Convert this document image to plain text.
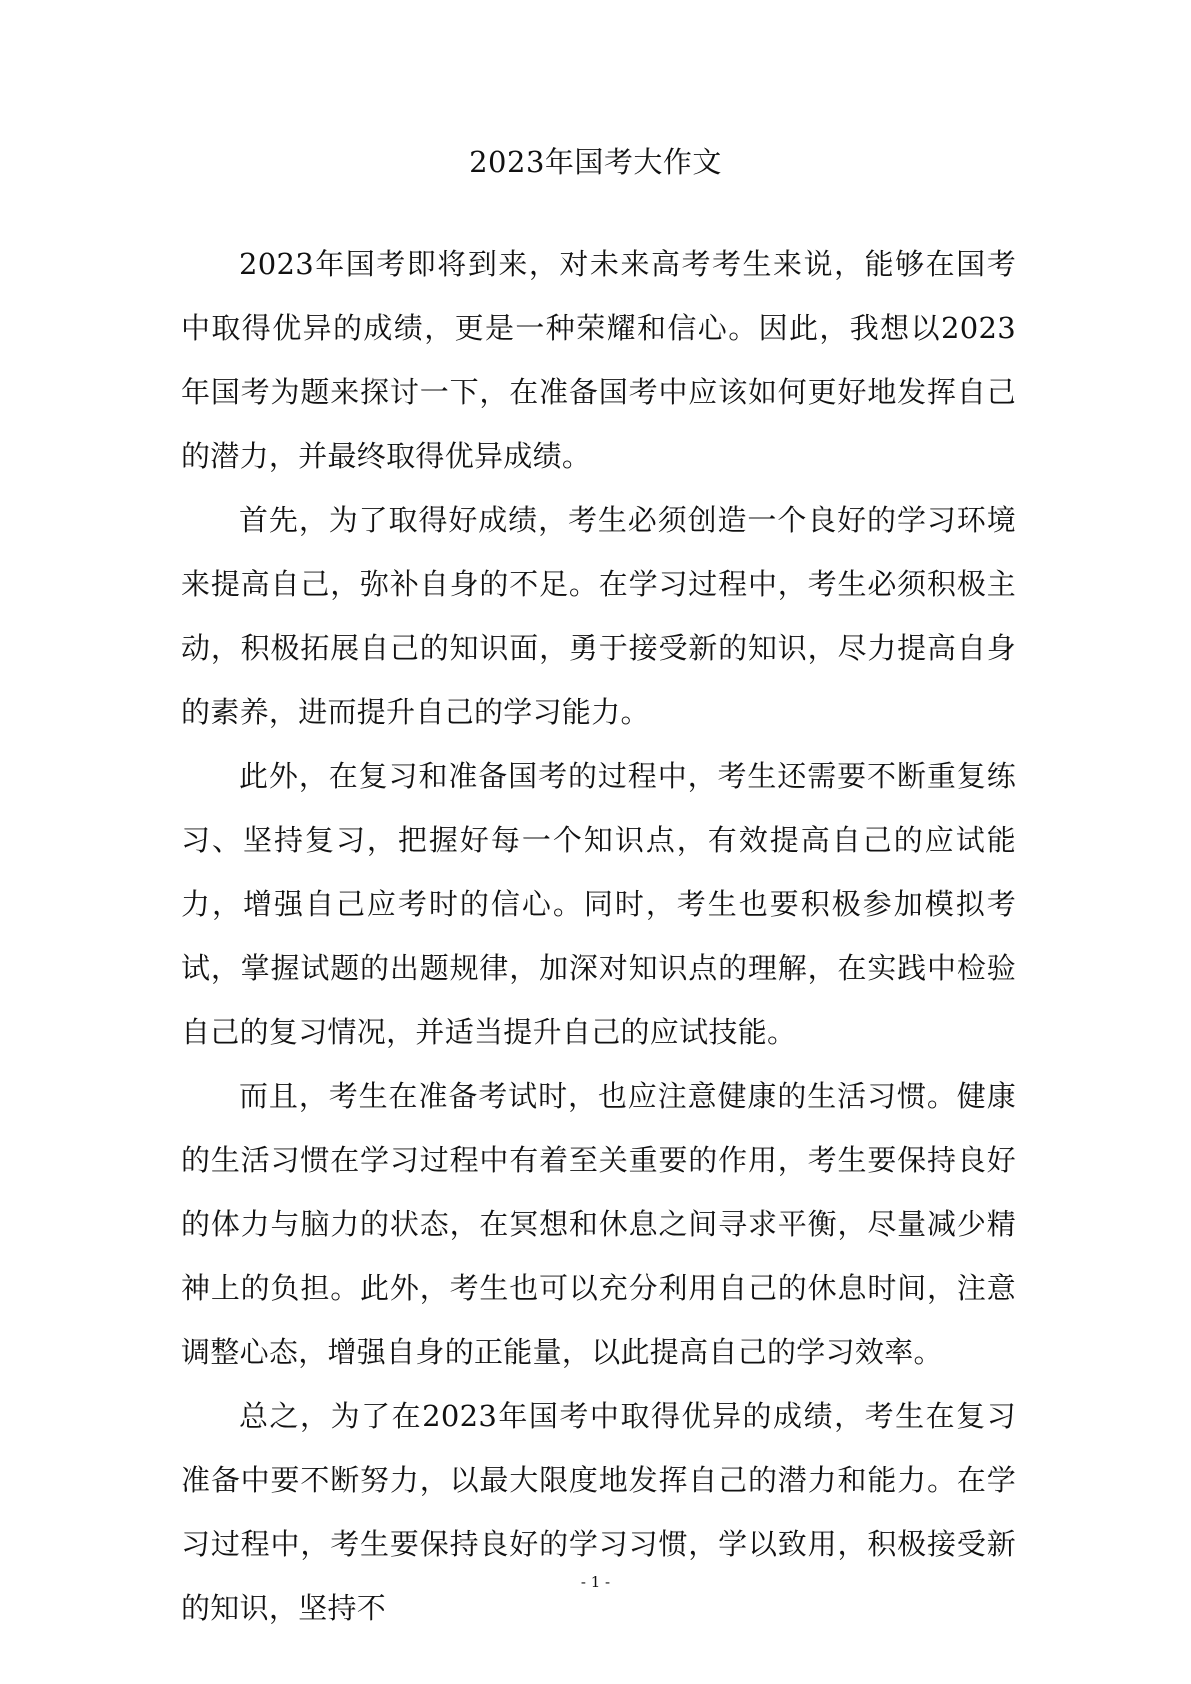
2023年国考大作文

2023年国考即将到来，对未来高考考生来说，能够在国考中取得优异的成绩，更是一种荣耀和信心。因此，我想以2023年国考为题来探讨一下，在准备国考中应该如何更好地发挥自己的潜力，并最终取得优异成绩。

首先，为了取得好成绩，考生必须创造一个良好的学习环境来提高自己，弥补自身的不足。在学习过程中，考生必须积极主动，积极拓展自己的知识面，勇于接受新的知识，尽力提高自身的素养，进而提升自己的学习能力。

此外，在复习和准备国考的过程中，考生还需要不断重复练习、坚持复习，把握好每一个知识点，有效提高自己的应试能力，增强自己应考时的信心。同时，考生也要积极参加模拟考试，掌握试题的出题规律，加深对知识点的理解，在实践中检验自己的复习情况，并适当提升自己的应试技能。

而且，考生在准备考试时，也应注意健康的生活习惯。健康的生活习惯在学习过程中有着至关重要的作用，考生要保持良好的体力与脑力的状态，在冥想和休息之间寻求平衡，尽量减少精神上的负担。此外，考生也可以充分利用自己的休息时间，注意调整心态，增强自身的正能量，以此提高自己的学习效率。

总之，为了在2023年国考中取得优异的成绩，考生在复习准备中要不断努力，以最大限度地发挥自己的潜力和能力。在学习过程中，考生要保持良好的学习习惯，学以致用，积极接受新的知识，坚持不

- 1 -
